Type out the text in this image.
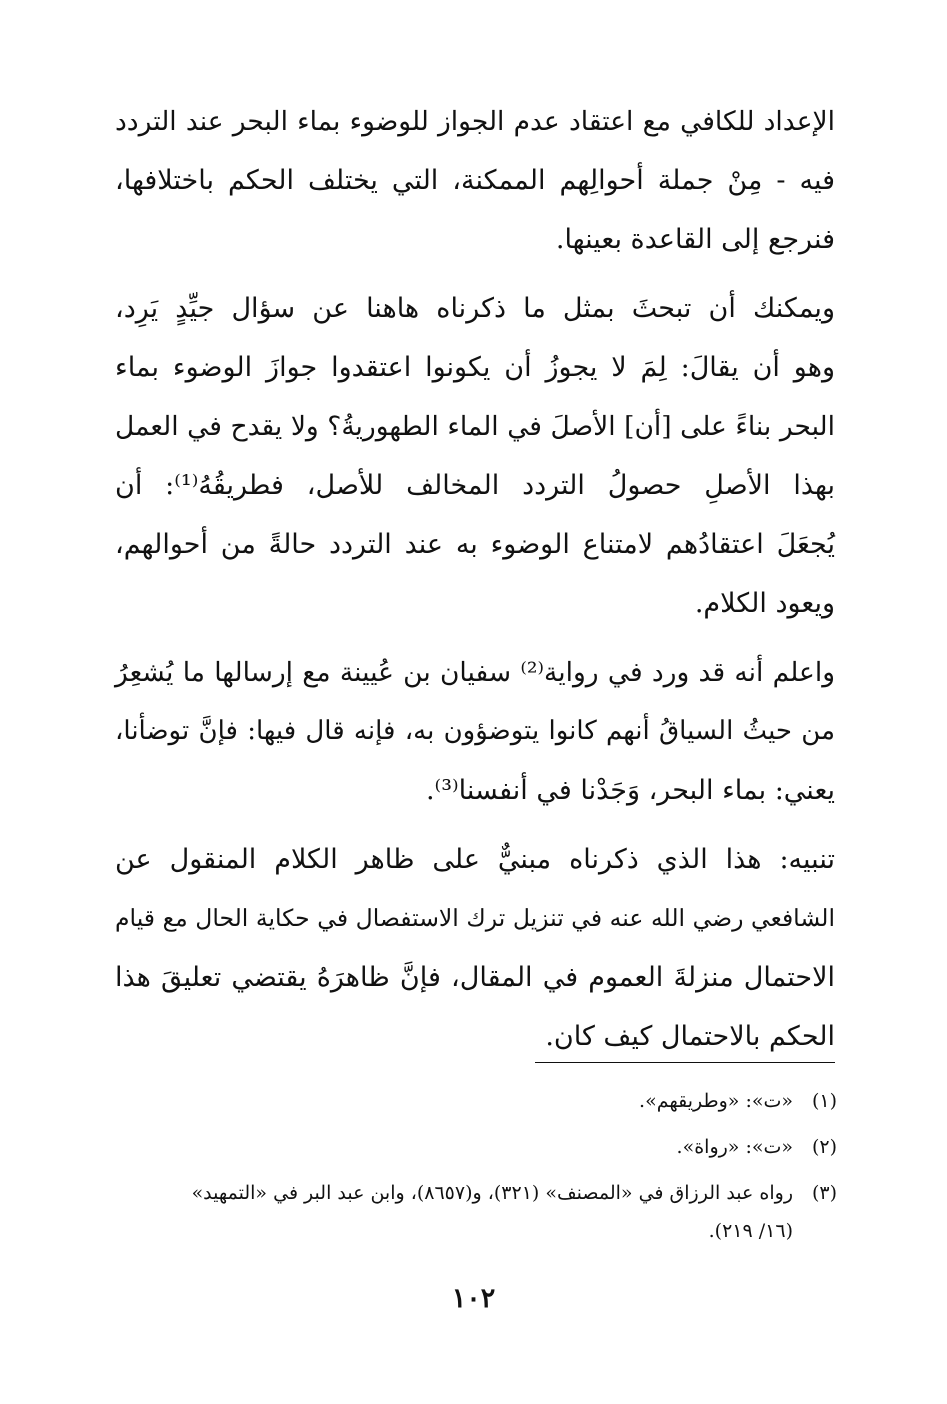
الإعداد للكافي مع اعتقاد عدم الجواز للوضوء بماء البحر عند التردد
فيه - مِنْ جملة أحوالِهم الممكنة، التي يختلف الحكم باختلافها،
فنرجع إلى القاعدة بعينها.
ويمكنك أن تبحثَ بمثل ما ذكرناه هاهنا عن سؤال جيِّدٍ يَرِد،
وهو أن يقالَ: لِمَ لا يجوزُ أن يكونوا اعتقدوا جوازَ الوضوء بماء
البحر بناءً على [أن] الأصلَ في الماء الطهوريةُ؟ ولا يقدح في العمل
بهذا الأصلِ حصولُ التردد المخالف للأصل، فطريقُهُ⁽¹⁾: أن
يُجعَلَ اعتقادُهم لامتناع الوضوء به عند التردد حالةً من أحوالهم،
ويعود الكلام.
واعلم أنه قد ورد في رواية⁽²⁾ سفيان بن عُيينة مع إرسالها ما يُشعِرُ
من حيثُ السياقُ أنهم كانوا يتوضؤون به، فإنه قال فيها: فإنَّ توضأنا،
يعني: بماء البحر، وَجَدْنا في أنفسنا⁽³⁾.
تنبيه: هذا الذي ذكرناه مبنيٌّ على ظاهر الكلام المنقول عن
الشافعي رضي الله عنه في تنزيل ترك الاستفصال في حكاية الحال مع قيام
الاحتمال منزلةَ العموم في المقال، فإنَّ ظاهرَهُ يقتضي تعليقَ هذا
الحكم بالاحتمال كيف كان.
(١)
«ت»: «وطريقهم».
(٢)
«ت»: «رواة».
(٣)
رواه عبد الرزاق في «المصنف» (٣٢١)، و(٨٦٥٧)، وابن عبد البر في «التمهيد»
(١٦/ ٢١٩).
١٠٢
